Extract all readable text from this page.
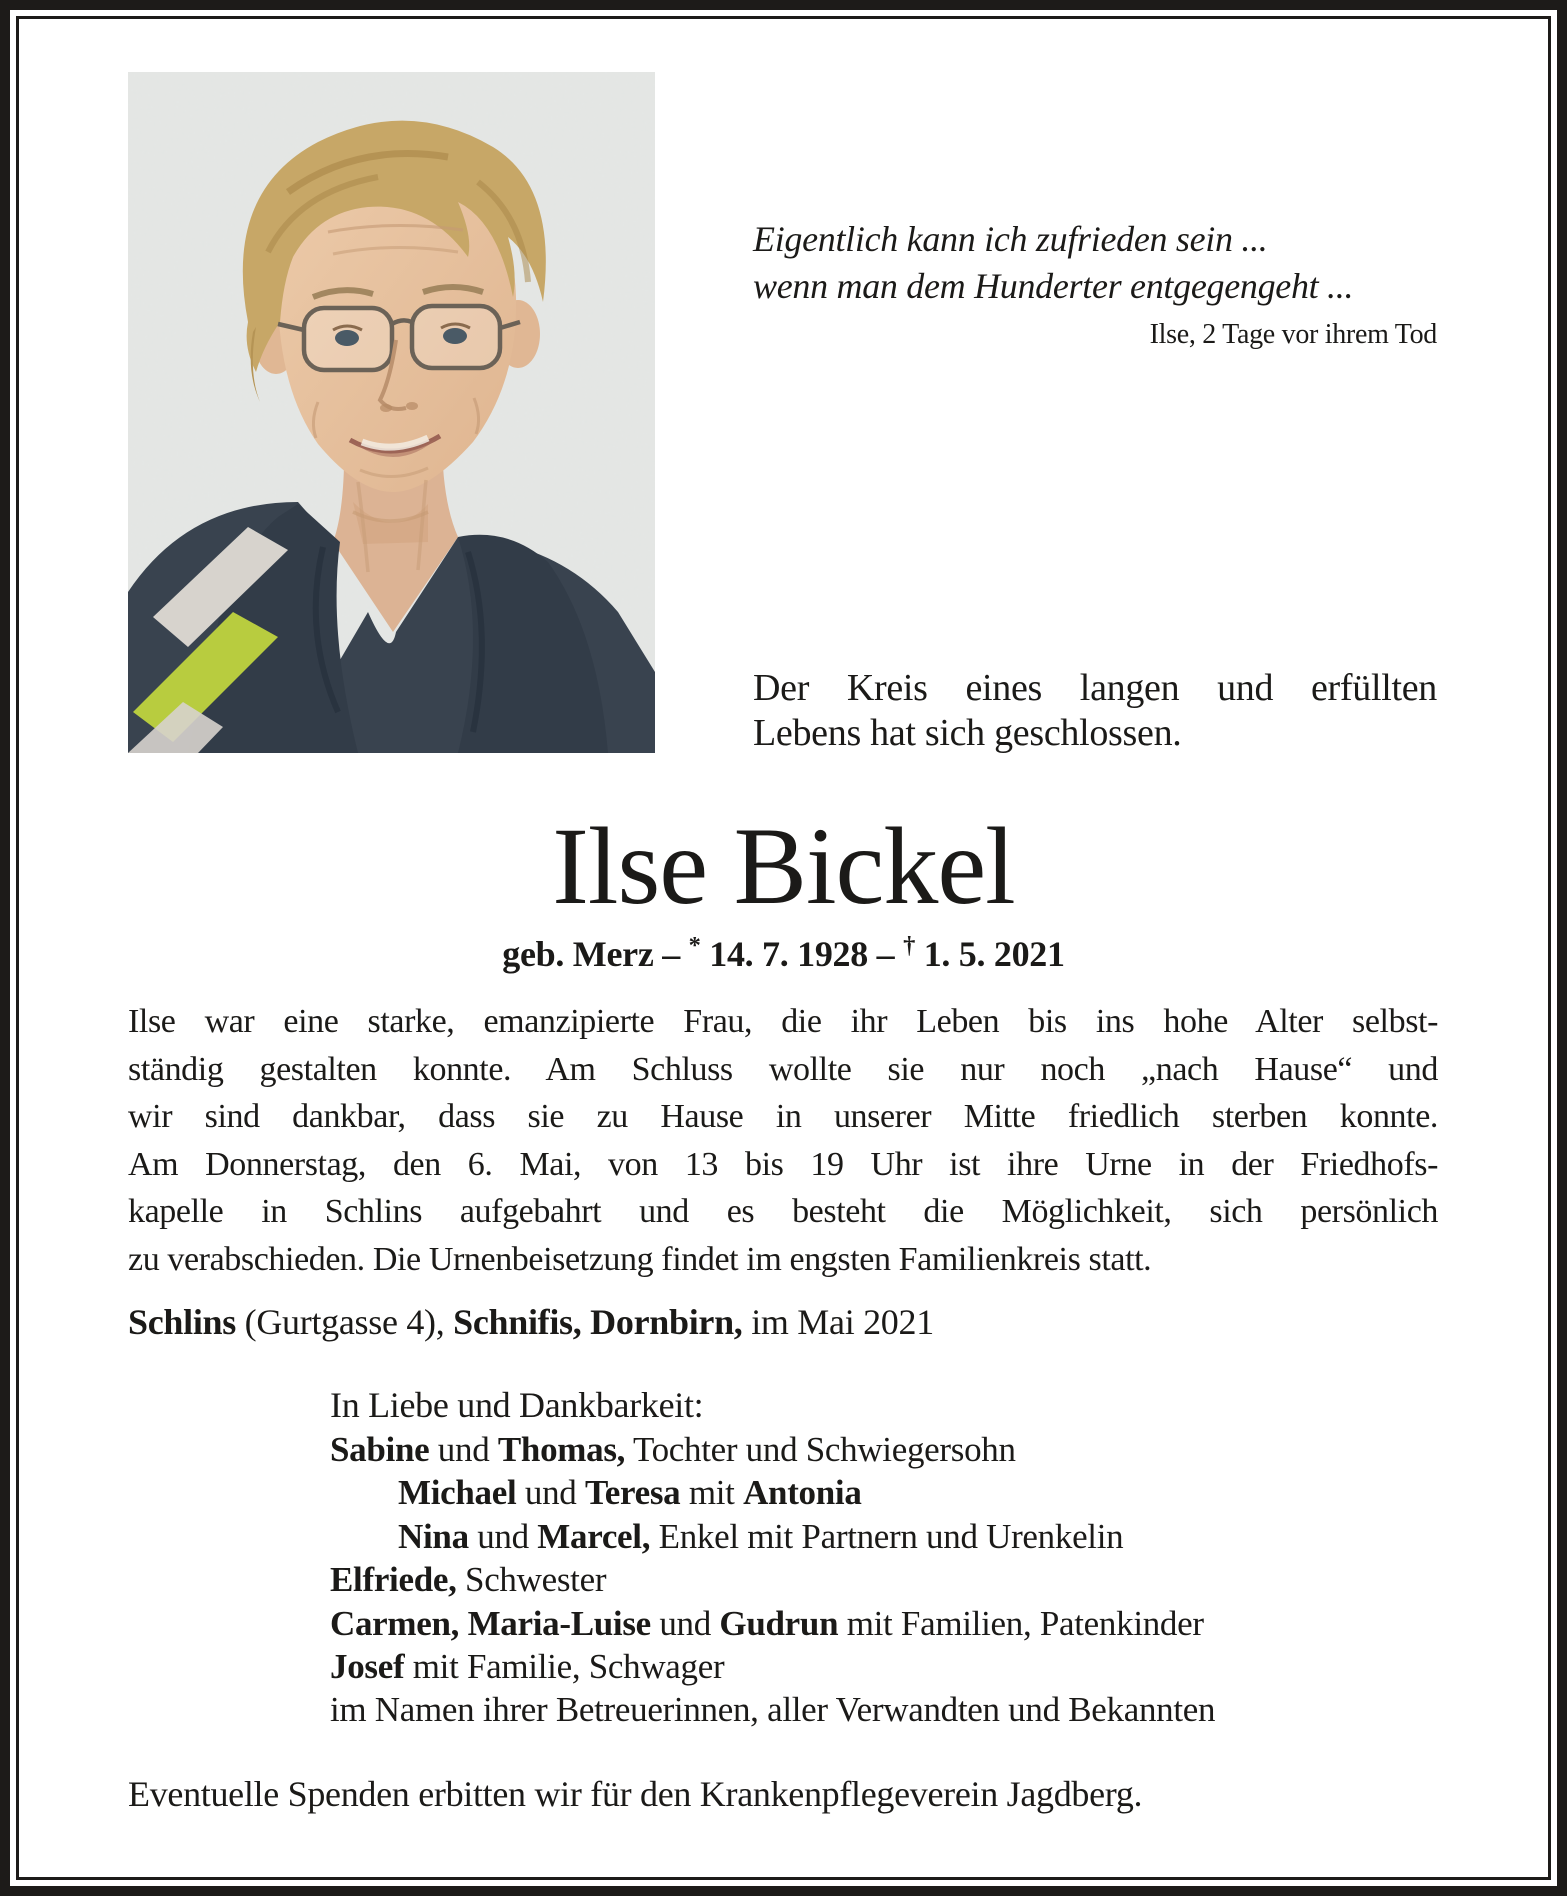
Eigentlich kann ich zufrieden sein ...
wenn man dem Hunderter entgegengeht ...
Ilse, 2 Tage vor ihrem Tod
Der Kreis eines langen und erfüllten
Lebens hat sich geschlossen.
Ilse Bickel
geb. Merz – * 14. 7. 1928 – † 1. 5. 2021
Ilse war eine starke, emanzipierte Frau, die ihr Leben bis ins hohe Alter selbst-
ständig gestalten konnte. Am Schluss wollte sie nur noch „nach Hause“ und
wir sind dankbar, dass sie zu Hause in unserer Mitte friedlich sterben konnte.
Am Donnerstag, den 6. Mai, von 13 bis 19 Uhr ist ihre Urne in der Friedhofs-
kapelle in Schlins aufgebahrt und es besteht die Möglichkeit, sich persönlich
zu verabschieden. Die Urnenbeisetzung findet im engsten Familienkreis statt.
Schlins (Gurtgasse 4), Schnifis, Dornbirn, im Mai 2021
In Liebe und Dankbarkeit:
Sabine und Thomas, Tochter und Schwiegersohn
Michael und Teresa mit Antonia
Nina und Marcel, Enkel mit Partnern und Urenkelin
Elfriede, Schwester
Carmen, Maria-Luise und Gudrun mit Familien, Patenkinder
Josef mit Familie, Schwager
im Namen ihrer Betreuerinnen, aller Verwandten und Bekannten
Eventuelle Spenden erbitten wir für den Krankenpflegeverein Jagdberg.
